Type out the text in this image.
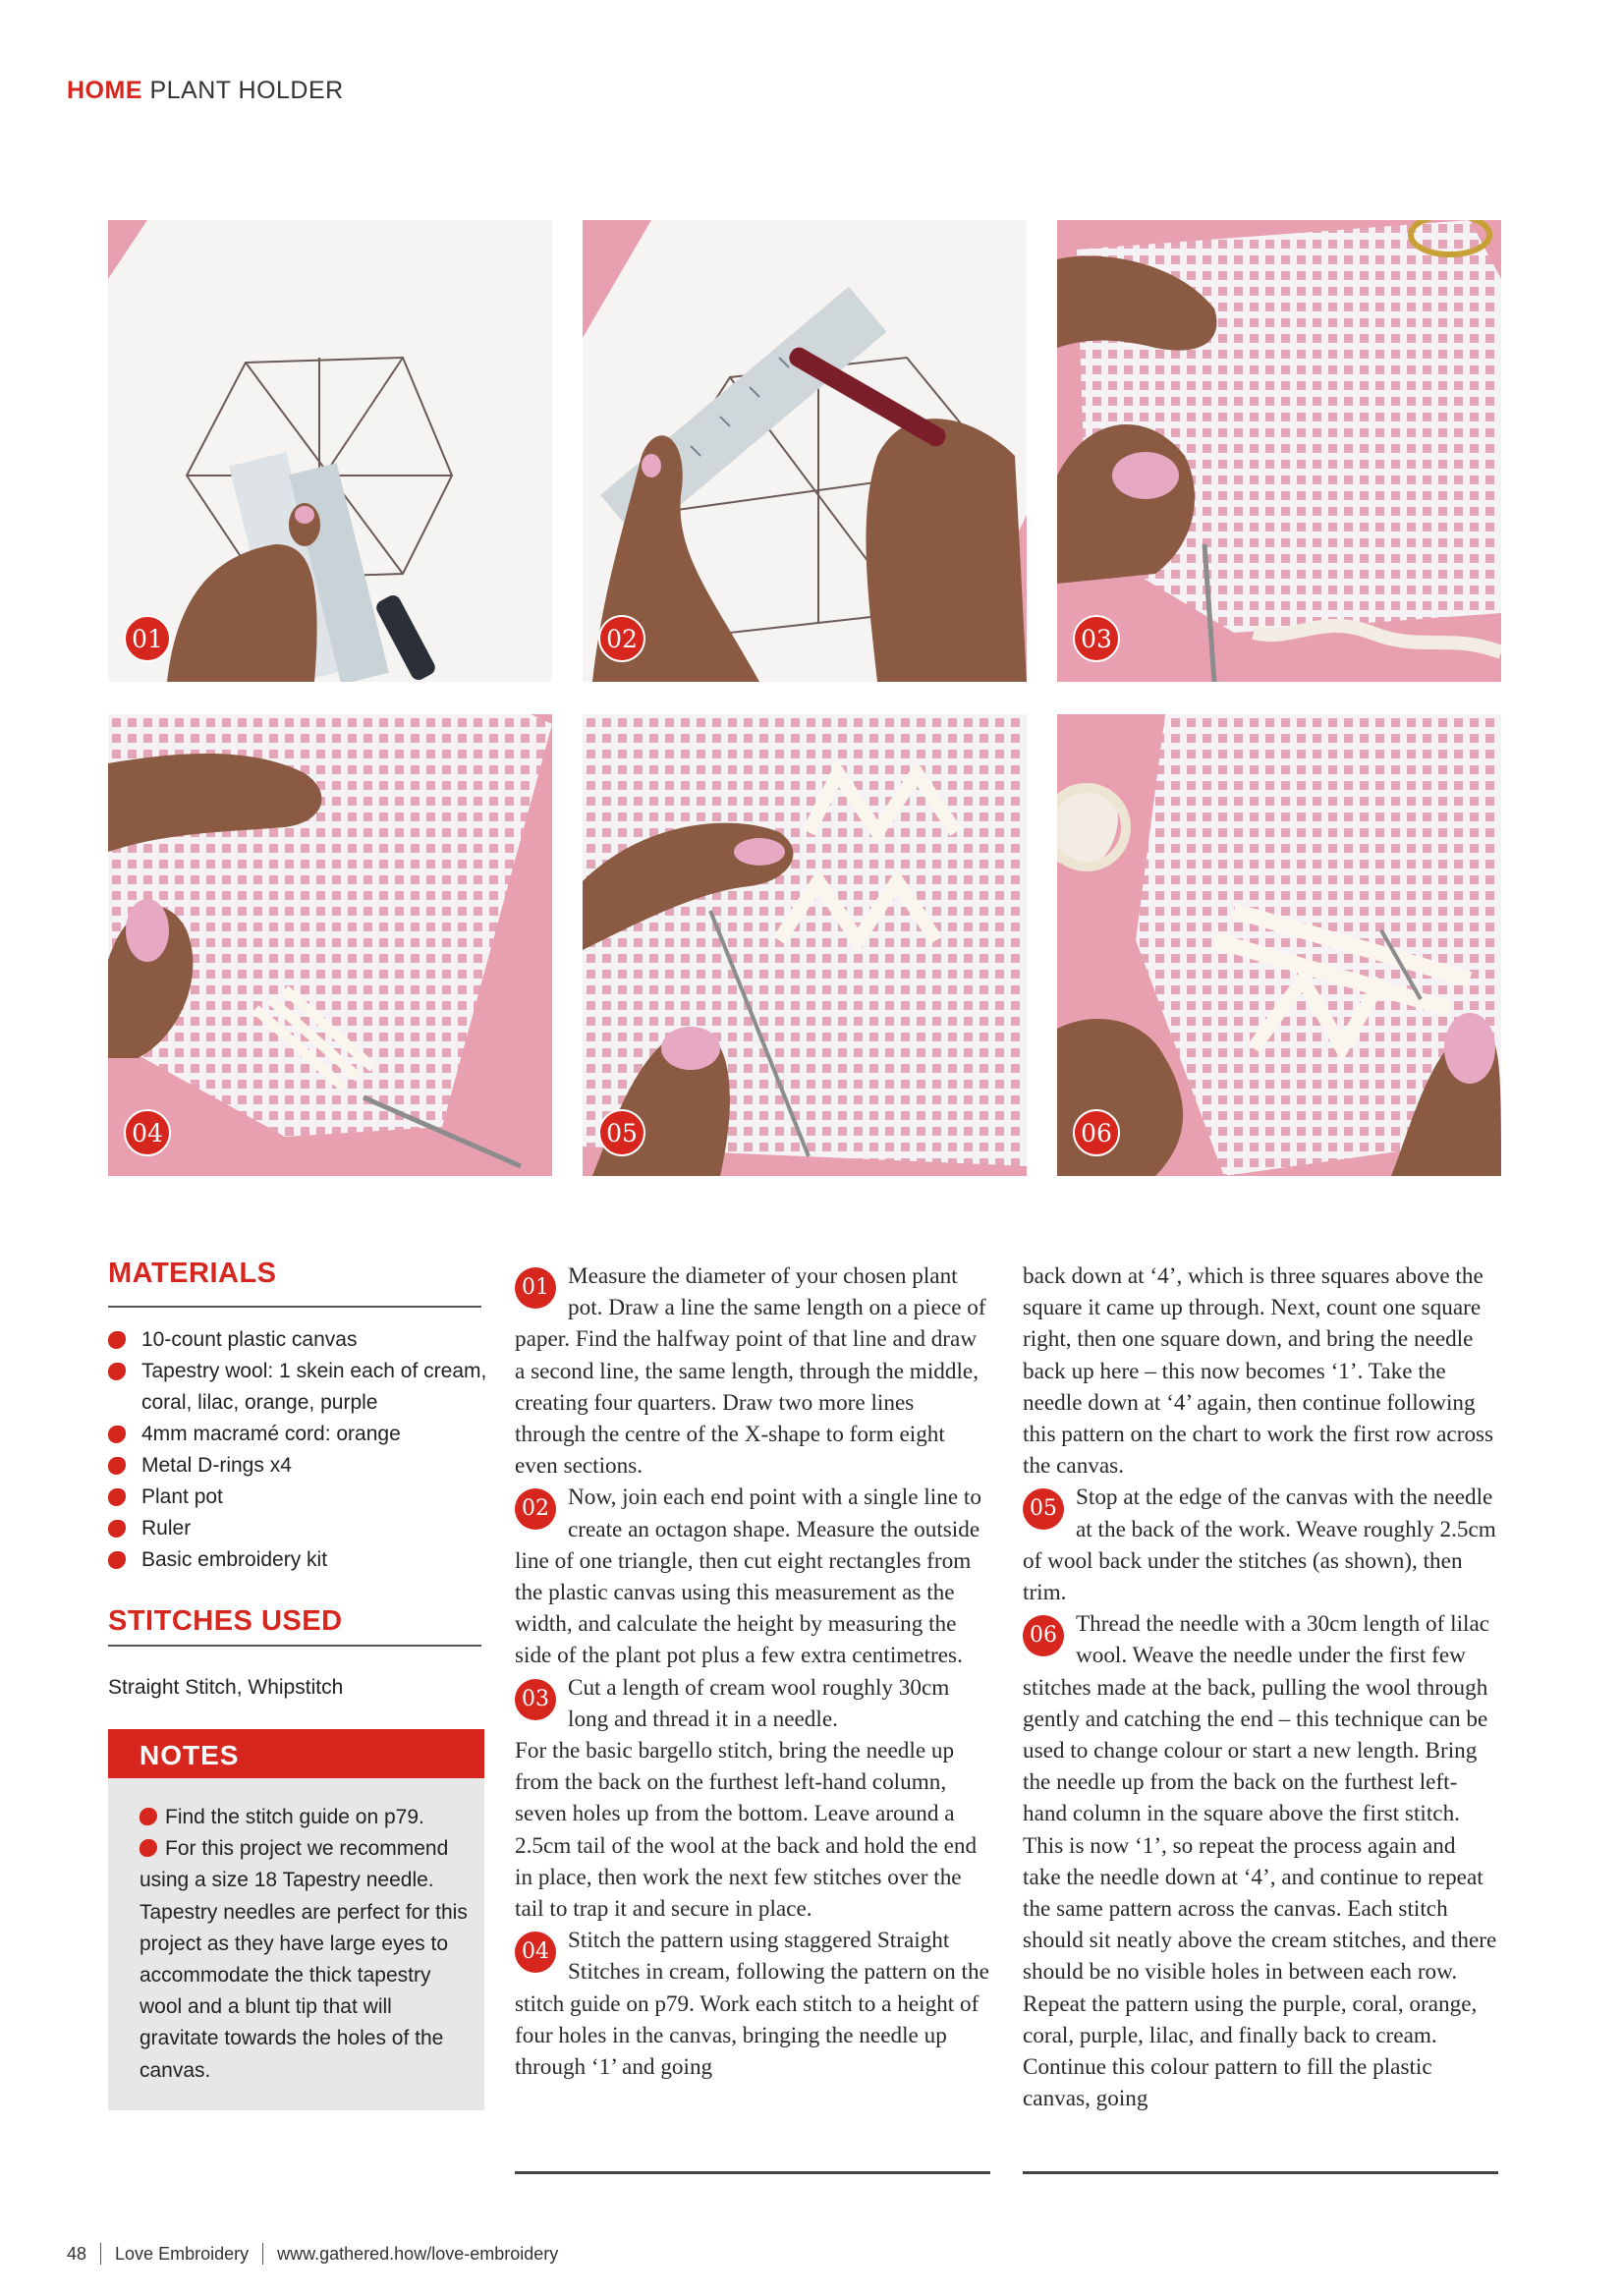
HOME PLANT HOLDER
01	02	03
04	05	06
MATERIALS
10-count plastic canvas
Tapestry wool: 1 skein each of cream, coral, lilac, orange, purple
4mm macramé cord: orange
Metal D-rings x4
Plant pot
Ruler
Basic embroidery kit
STITCHES USED
Straight Stitch, Whipstitch
NOTES
Find the stitch guide on p79.
For this project we recommend using a size 18 Tapestry needle. Tapestry needles are perfect for this project as they have large eyes to accommodate the thick tapestry wool and a blunt tip that will gravitate towards the holes of the canvas.

01 Measure the diameter of your chosen plant pot. Draw a line the same length on a piece of paper. Find the halfway point of that line and draw a second line, the same length, through the middle, creating four quarters. Draw two more lines through the centre of the X-shape to form eight even sections.

02 Now, join each end point with a single line to create an octagon shape. Measure the outside line of one triangle, then cut eight rectangles from the plastic canvas using this measurement as the width, and calculate the height by measuring the side of the plant pot plus a few extra centimetres.

03 Cut a length of cream wool roughly 30cm long and thread it in a needle.

For the basic bargello stitch, bring the needle up from the back on the furthest left-hand column, seven holes up from the bottom. Leave around a 2.5cm tail of the wool at the back and hold the end in place, then work the next few stitches over the tail to trap it and secure in place.

04 Stitch the pattern using staggered Straight Stitches in cream, following the pattern on the stitch guide on p79. Work each stitch to a height of four holes in the canvas, bringing the needle up through ‘1’ and going

back down at ‘4’, which is three squares above the square it came up through. Next, count one square right, then one square down, and bring the needle back up here – this now becomes ‘1’. Take the needle down at ‘4’ again, then continue following this pattern on the chart to work the first row across the canvas.

05 Stop at the edge of the canvas with the needle at the back of the work. Weave roughly 2.5cm of wool back under the stitches (as shown), then trim.

06 Thread the needle with a 30cm length of lilac wool. Weave the needle under the first few stitches made at the back, pulling the wool through gently and catching the end – this technique can be used to change colour or start a new length. Bring the needle up from the back on the furthest left-hand column in the square above the first stitch. This is now ‘1’, so repeat the process again and take the needle down at ‘4’, and continue to repeat the same pattern across the canvas. Each stitch should sit neatly above the cream stitches, and there should be no visible holes in between each row. Repeat the pattern using the purple, coral, orange, coral, purple, lilac, and finally back to cream. Continue this colour pattern to fill the plastic canvas, going

48 Love Embroidery www.gathered.how/love-embroidery
